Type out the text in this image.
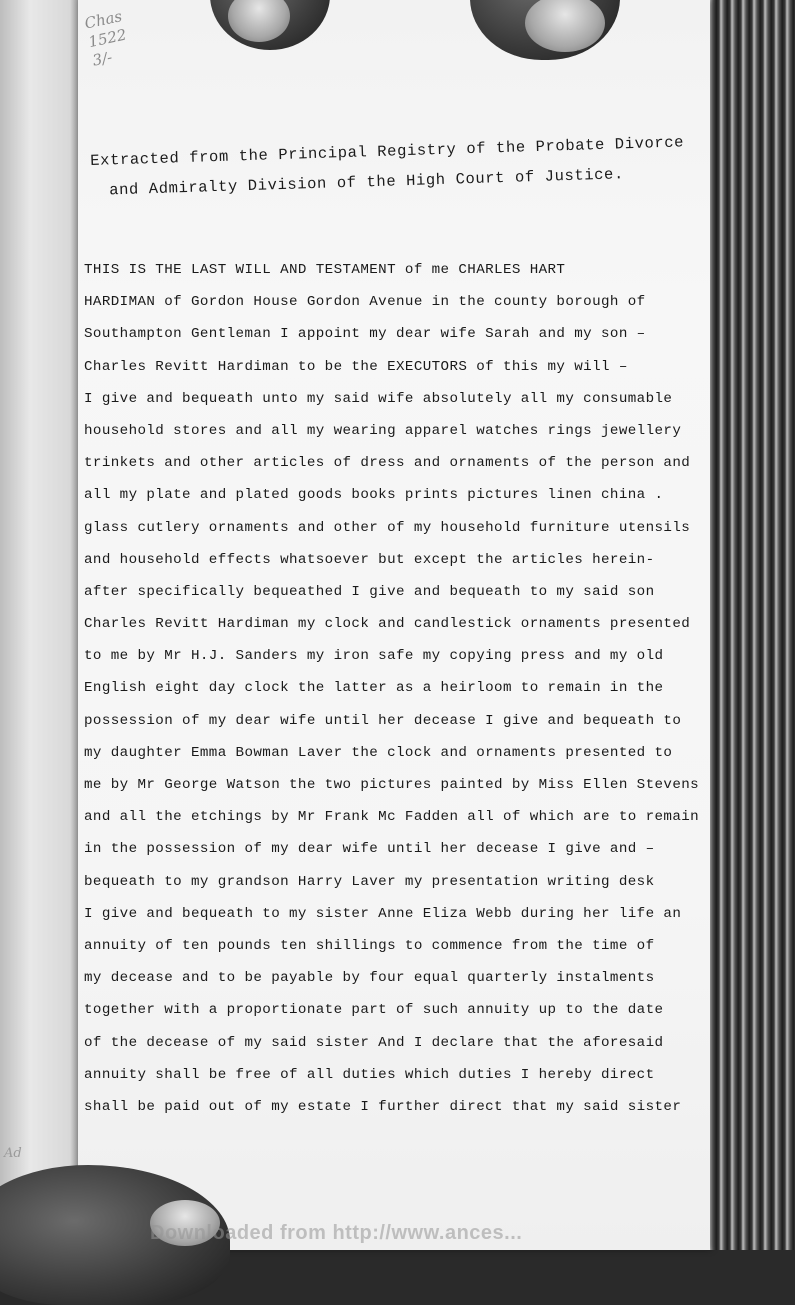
Chas
1522
3/-
Ad
Extracted from the Principal Registry of the Probate Divorce
and Admiralty Division of the High Court of Justice.
THIS IS THE LAST WILL AND TESTAMENT of me CHARLES HART
HARDIMAN of Gordon House Gordon Avenue in the county borough of
Southampton Gentleman I appoint my dear wife Sarah and my son –
Charles Revitt Hardiman to be the EXECUTORS of this my will –
I give and bequeath unto my said wife absolutely all my consumable
household stores and all my wearing apparel watches rings jewellery
trinkets and other articles of dress and ornaments of the person and
all my plate and plated goods books prints pictures linen china .
glass cutlery ornaments and other of my household furniture utensils
and household effects whatsoever but except the articles herein-
after specifically bequeathed I give and bequeath to my said son
Charles Revitt Hardiman my clock and candlestick ornaments presented
to me by Mr H.J. Sanders my iron safe my copying press and my old
English eight day clock the latter as a heirloom to remain in the
possession of my dear wife until her decease I give and bequeath to
my daughter Emma Bowman Laver the clock and ornaments presented to
me by Mr George Watson the two pictures painted by Miss Ellen Stevens
and all the etchings by Mr Frank Mc Fadden all of which are to remain
in the possession of my dear wife until her decease I give and –
bequeath to my grandson Harry Laver my presentation writing desk
I give and bequeath to my sister Anne Eliza Webb during her life an
annuity of ten pounds ten shillings to commence from the time of
my decease and to be payable by four equal quarterly instalments
together with a proportionate part of such annuity up to the date
of the decease of my said sister And I declare that the aforesaid
annuity shall be free of all duties which duties I hereby direct
shall be paid out of my estate I further direct that my said sister
Downloaded from http://www.ances...
